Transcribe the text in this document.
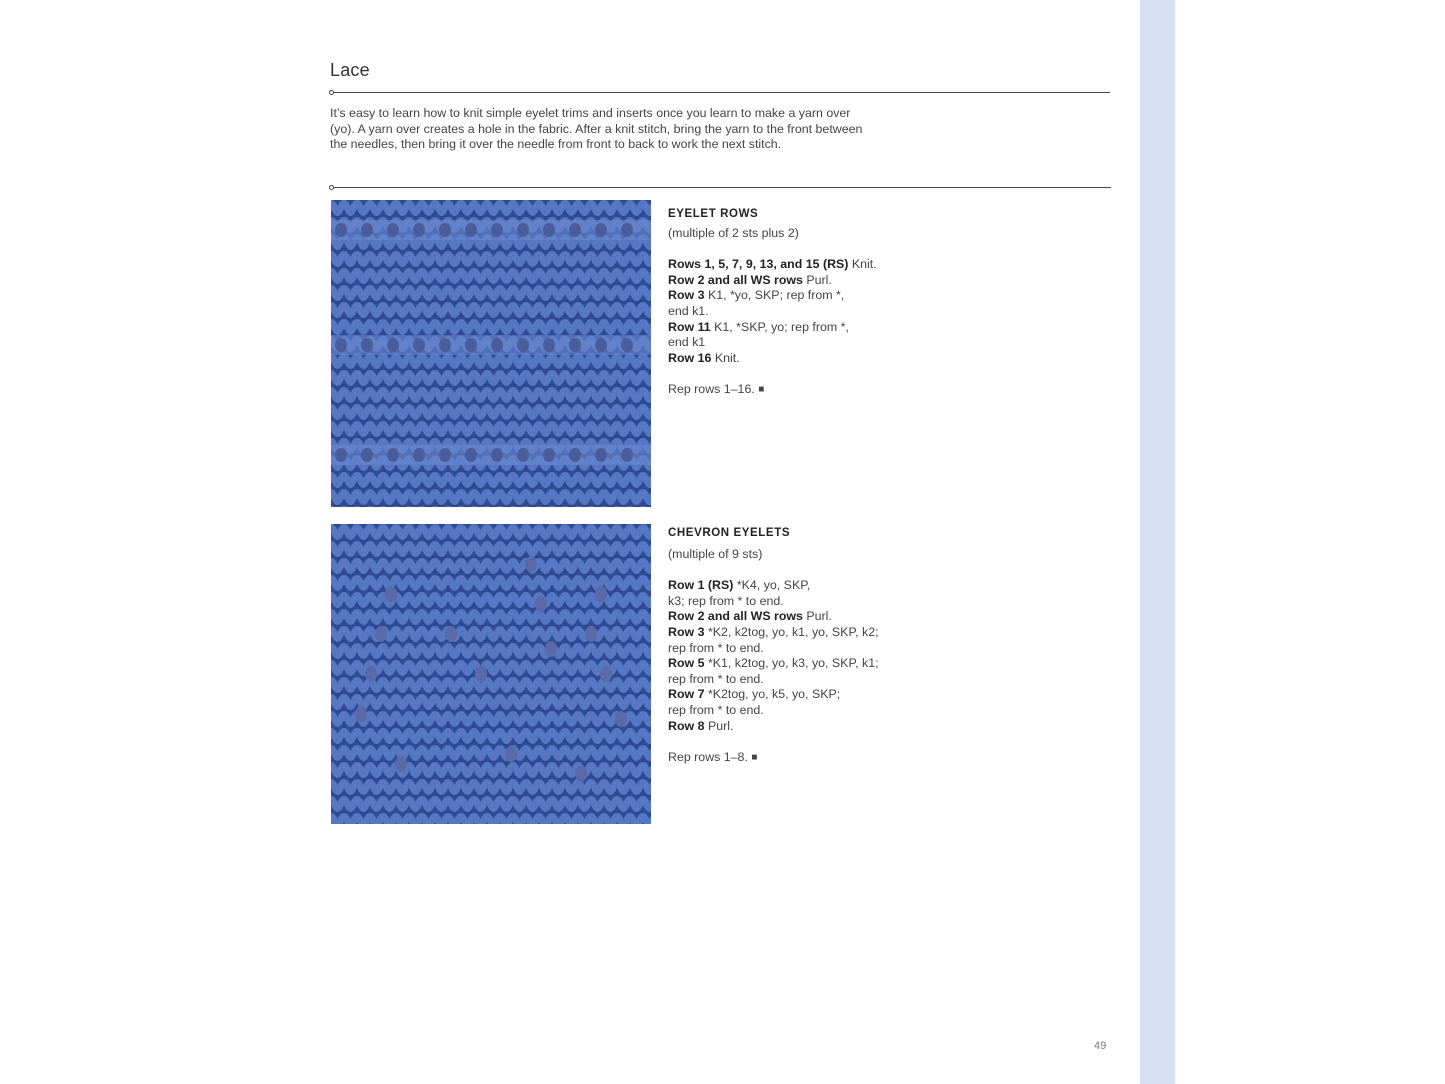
Lace
It’s easy to learn how to knit simple eyelet trims and inserts once you learn to make a yarn over (yo). A yarn over creates a hole in the fabric. After a knit stitch, bring the yarn to the front between the needles, then bring it over the needle from front to back to work the next stitch.
EYELET ROWS
(multiple of 2 sts plus 2)
Rows 1, 5, 7, 9, 13, and 15 (RS) Knit.
Row 2 and all WS rows Purl.
Row 3 K1, *yo, SKP; rep from *, end k1.
Row 11 K1, *SKP, yo; rep from *, end k1
Row 16 Knit.
Rep rows 1–16. ■
CHEVRON EYELETS
(multiple of 9 sts)
Row 1 (RS) *K4, yo, SKP, k3; rep from * to end.
Row 2 and all WS rows Purl.
Row 3 *K2, k2tog, yo, k1, yo, SKP, k2; rep from * to end.
Row 5 *K1, k2tog, yo, k3, yo, SKP, k1; rep from * to end.
Row 7 *K2tog, yo, k5, yo, SKP; rep from * to end.
Row 8 Purl.
Rep rows 1–8. ■
49
